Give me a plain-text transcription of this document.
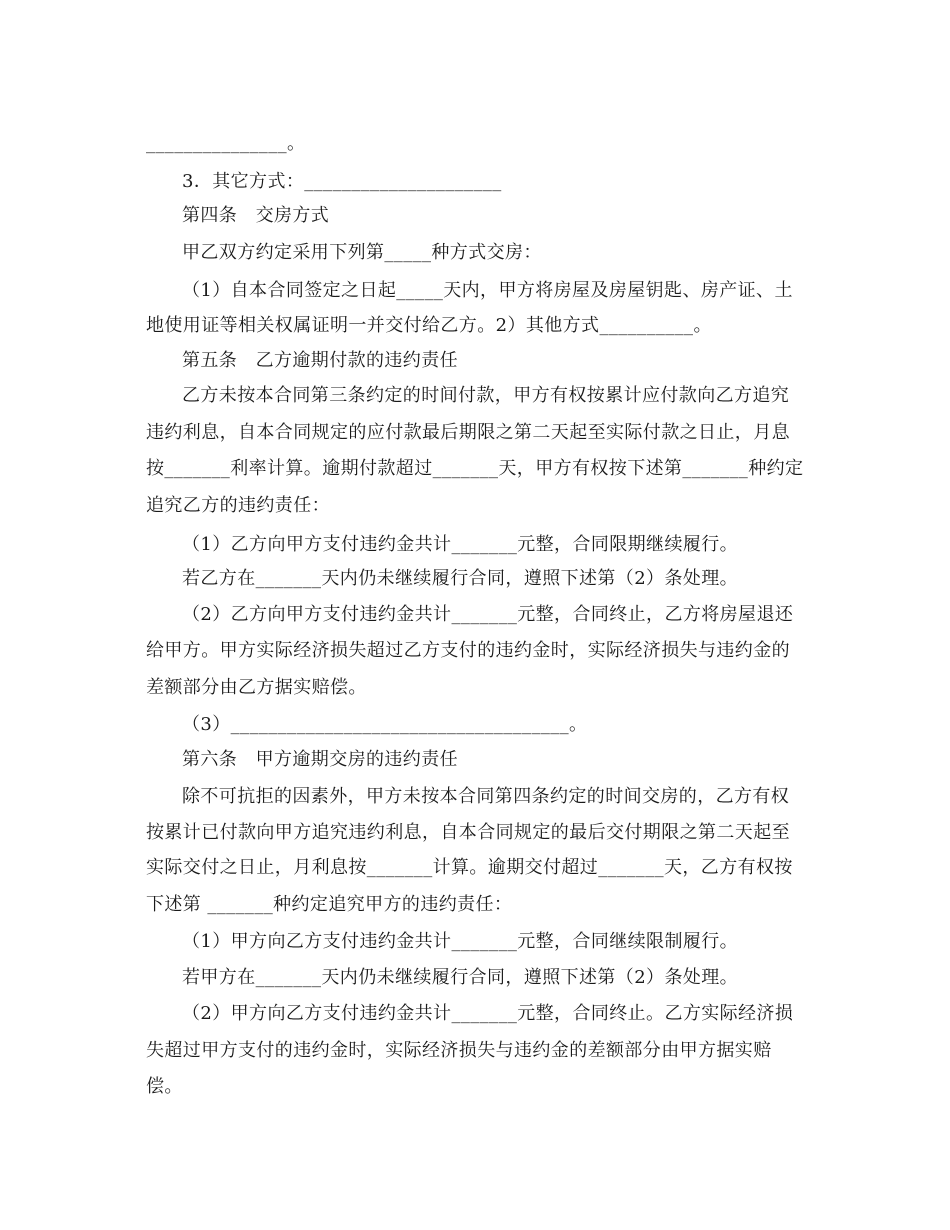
_______________。
3．其它方式：_____________________
第四条　交房方式
甲乙双方约定采用下列第_____种方式交房：
（1）自本合同签定之日起_____天内，甲方将房屋及房屋钥匙、房产证、土
地使用证等相关权属证明一并交付给乙方。2）其他方式__________。
第五条　乙方逾期付款的违约责任
乙方未按本合同第三条约定的时间付款，甲方有权按累计应付款向乙方追究
违约利息，自本合同规定的应付款最后期限之第二天起至实际付款之日止，月息
按_______利率计算。逾期付款超过_______天，甲方有权按下述第_______种约定
追究乙方的违约责任：
（1）乙方向甲方支付违约金共计_______元整，合同限期继续履行。
若乙方在_______天内仍未继续履行合同，遵照下述第（2）条处理。
（2）乙方向甲方支付违约金共计_______元整，合同终止，乙方将房屋退还
给甲方。甲方实际经济损失超过乙方支付的违约金时，实际经济损失与违约金的
差额部分由乙方据实赔偿。
（3）____________________________________。
第六条　甲方逾期交房的违约责任
除不可抗拒的因素外，甲方未按本合同第四条约定的时间交房的，乙方有权
按累计已付款向甲方追究违约利息，自本合同规定的最后交付期限之第二天起至
实际交付之日止，月利息按_______计算。逾期交付超过_______天，乙方有权按
下述第 _______种约定追究甲方的违约责任：
（1）甲方向乙方支付违约金共计_______元整，合同继续限制履行。
若甲方在_______天内仍未继续履行合同，遵照下述第（2）条处理。
（2）甲方向乙方支付违约金共计_______元整，合同终止。乙方实际经济损
失超过甲方支付的违约金时，实际经济损失与违约金的差额部分由甲方据实赔
偿。
